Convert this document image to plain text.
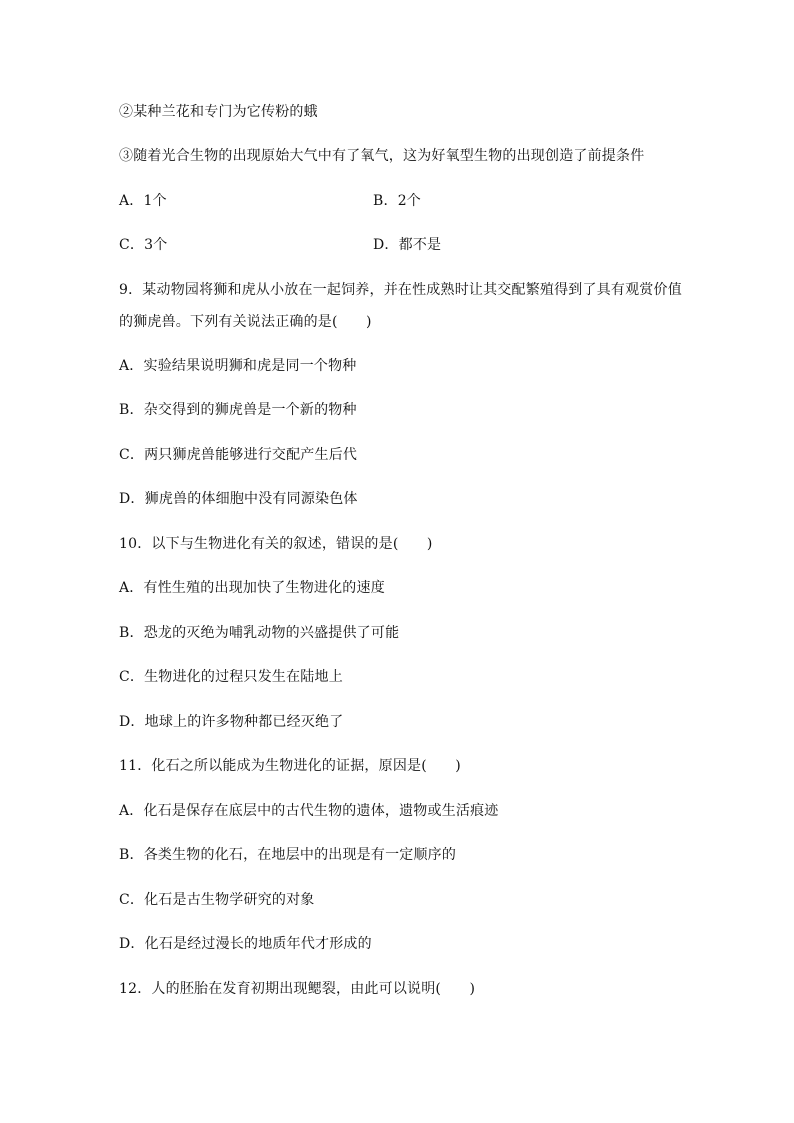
②某种兰花和专门为它传粉的蛾
③随着光合生物的出现原始大气中有了氧气，这为好氧型生物的出现创造了前提条件
A．1个	B．2个
C．3个	D．都不是
9．某动物园将狮和虎从小放在一起饲养，并在性成熟时让其交配繁殖得到了具有观赏价值
的狮虎兽。下列有关说法正确的是(　　)
A．实验结果说明狮和虎是同一个物种
B．杂交得到的狮虎兽是一个新的物种
C．两只狮虎兽能够进行交配产生后代
D．狮虎兽的体细胞中没有同源染色体
10．以下与生物进化有关的叙述，错误的是(　　)
A．有性生殖的出现加快了生物进化的速度
B．恐龙的灭绝为哺乳动物的兴盛提供了可能
C．生物进化的过程只发生在陆地上
D．地球上的许多物种都已经灭绝了
11．化石之所以能成为生物进化的证据，原因是(　　)
A．化石是保存在底层中的古代生物的遗体，遗物或生活痕迹
B．各类生物的化石，在地层中的出现是有一定顺序的
C．化石是古生物学研究的对象
D．化石是经过漫长的地质年代才形成的
12．人的胚胎在发育初期出现鳃裂，由此可以说明(　　)
